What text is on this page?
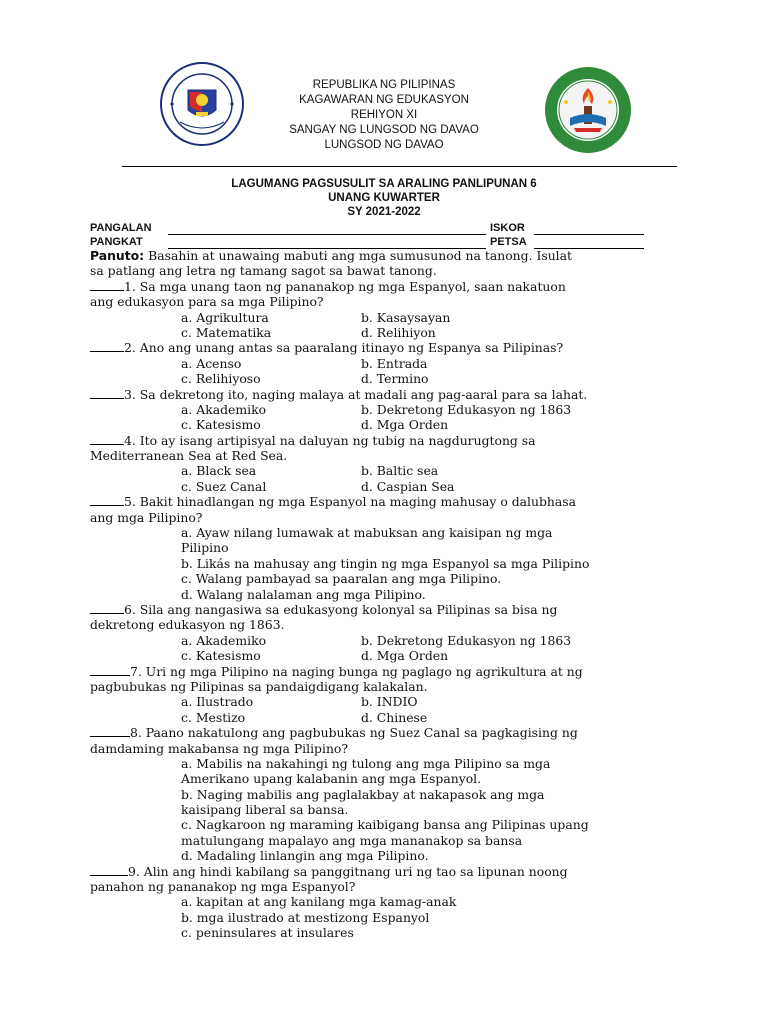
REPUBLIKA NG PILIPINAS
KAGAWARAN NG EDUKASYON
REHIYON XI
SANGAY NG LUNGSOD NG DAVAO
LUNGSOD NG DAVAO
LAGUMANG PAGSUSULIT SA ARALING PANLIPUNAN 6
UNANG KUWARTER
SY 2021-2022
PANGALAN	ISKOR
PANGKAT	PETSA
Panuto: Basahin at unawaing mabuti ang mga sumusunod na tanong. Isulat
sa patlang ang letra ng tamang sagot sa bawat tanong.
1. Sa mga unang taon ng pananakop ng mga Espanyol, saan nakatuon
ang edukasyon para sa mga Pilipino?
a. Agrikultura	b. Kasaysayan
c. Matematika	d. Relihiyon
2. Ano ang unang antas sa paaralang itinayo ng Espanya sa Pilipinas?
a. Acenso	b. Entrada
c. Relihiyoso	d. Termino
3. Sa dekretong ito, naging malaya at madali ang pag-aaral para sa lahat.
a. Akademiko	b. Dekretong Edukasyon ng 1863
c. Katesismo	d. Mga Orden
4. Ito ay isang artipisyal na daluyan ng tubig na nagdurugtong sa
Mediterranean Sea at Red Sea.
a. Black sea	b. Baltic sea
c. Suez Canal	d. Caspian Sea
5. Bakit hinadlangan ng mga Espanyol na maging mahusay o dalubhasa
ang mga Pilipino?
a. Ayaw nilang lumawak at mabuksan ang kaisipan ng mga
Pilipino
b. Likás na mahusay ang tingin ng mga Espanyol sa mga Pilipino
c. Walang pambayad sa paaralan ang mga Pilipino.
d. Walang nalalaman ang mga Pilipino.
6. Sila ang nangasiwa sa edukasyong kolonyal sa Pilipinas sa bisa ng
dekretong edukasyon ng 1863.
a. Akademiko	b. Dekretong Edukasyon ng 1863
c. Katesismo	d. Mga Orden
7. Uri ng mga Pilipino na naging bunga ng paglago ng agrikultura at ng
pagbubukas ng Pilipinas sa pandaigdigang kalakalan.
a. Ilustrado	b. INDIO
c. Mestizo	d. Chinese
8. Paano nakatulong ang pagbubukas ng Suez Canal sa pagkagising ng
damdaming makabansa ng mga Pilipino?
a. Mabilis na nakahingi ng tulong ang mga Pilipino sa mga
Amerikano upang kalabanin ang mga Espanyol.
b. Naging mabilis ang paglalakbay at nakapasok ang mga
kaisipang liberal sa bansa.
c. Nagkaroon ng maraming kaibigang bansa ang Pilipinas upang
matulungang mapalayo ang mga mananakop sa bansa
d. Madaling linlangin ang mga Pilipino.
9. Alin ang hindi kabilang sa panggitnang uri ng tao sa lipunan noong
panahon ng pananakop ng mga Espanyol?
a. kapitan at ang kanilang mga kamag-anak
b. mga ilustrado at mestizong Espanyol
c. peninsulares at insulares
